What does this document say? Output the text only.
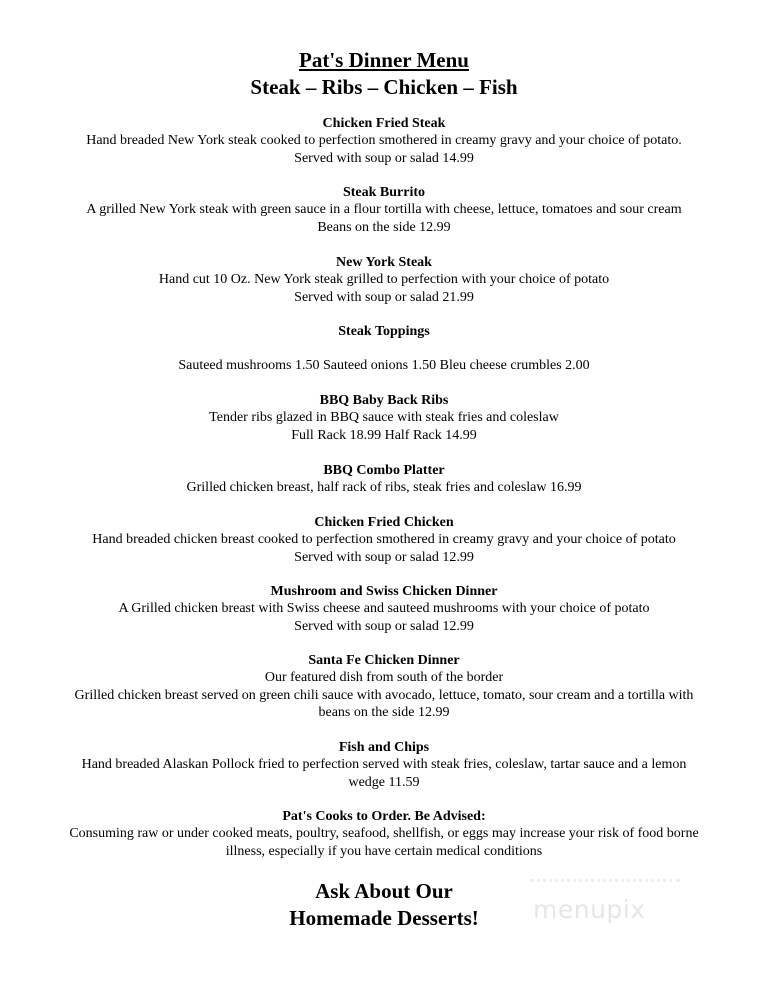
Pat's Dinner Menu
Steak – Ribs – Chicken – Fish
Chicken Fried Steak
Hand breaded New York steak cooked to perfection smothered in creamy gravy and your choice of potato.
Served with soup or salad 14.99
Steak Burrito
A grilled New York steak with green sauce in a flour tortilla with cheese, lettuce, tomatoes and sour cream
Beans on the side 12.99
New York Steak
Hand cut 10 Oz. New York steak grilled to perfection with your choice of potato
Served with soup or salad 21.99
Steak Toppings
Sauteed mushrooms 1.50 Sauteed onions 1.50 Bleu cheese crumbles 2.00
BBQ Baby Back Ribs
Tender ribs glazed in BBQ sauce with steak fries and coleslaw
Full Rack 18.99 Half Rack 14.99
BBQ Combo Platter
Grilled chicken breast, half rack of ribs, steak fries and coleslaw 16.99
Chicken Fried Chicken
Hand breaded chicken breast cooked to perfection smothered in creamy gravy and your choice of potato
Served with soup or salad 12.99
Mushroom and Swiss Chicken Dinner
A Grilled chicken breast with Swiss cheese and sauteed mushrooms with your choice of potato
Served with soup or salad 12.99
Santa Fe Chicken Dinner
Our featured dish from south of the border
Grilled chicken breast served on green chili sauce with avocado, lettuce, tomato, sour cream and a tortilla with
beans on the side 12.99
Fish and Chips
Hand breaded Alaskan Pollock fried to perfection served with steak fries, coleslaw, tartar sauce and a lemon
wedge 11.59
Pat's Cooks to Order. Be Advised:
Consuming raw or under cooked meats, poultry, seafood, shellfish, or eggs may increase your risk of food borne
illness, especially if you have certain medical conditions
Ask About Our
Homemade Desserts!	menupix
